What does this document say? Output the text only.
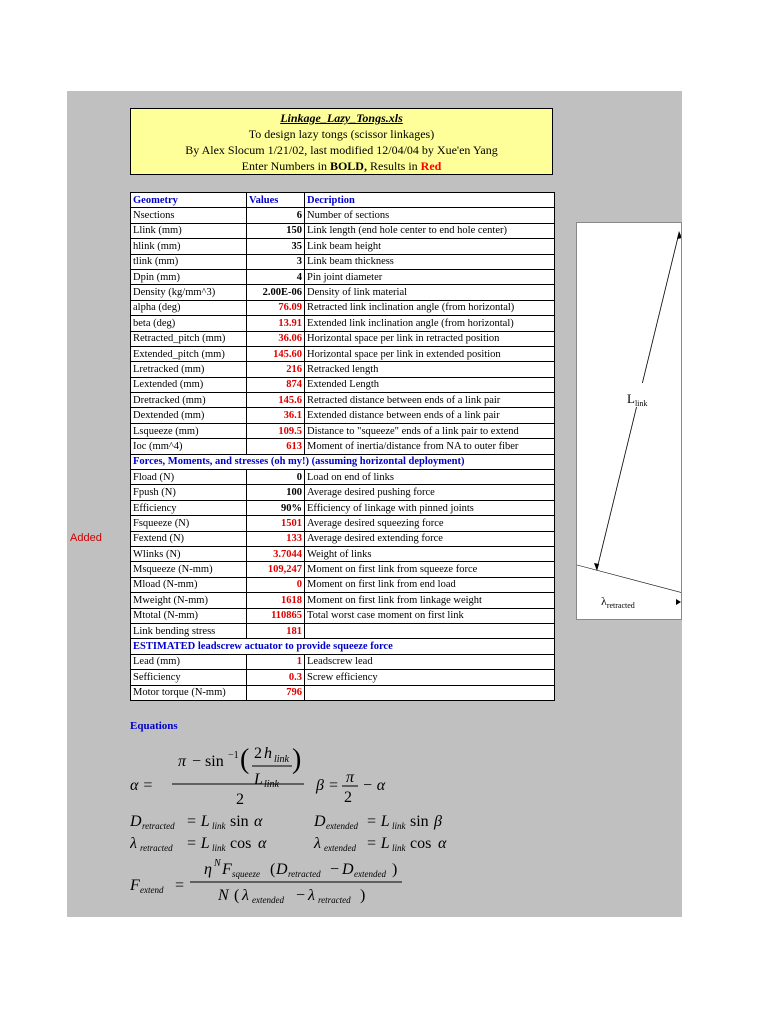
Added
Linkage_Lazy_Tongs.xls
To design lazy tongs (scissor linkages)
By Alex Slocum 1/21/02, last modified 12/04/04 by Xue'en Yang
Enter Numbers in BOLD, Results in Red
Geometry	Values	Decription
Nsections	6	Number of sections
Llink (mm)	150	Link length (end hole center to end hole center)
hlink (mm)	35	Link beam height
tlink (mm)	3	Link beam thickness
Dpin (mm)	4	Pin joint diameter
Density (kg/mm^3)	2.00E-06	Density of link material
alpha (deg)	76.09	Retracted link inclination angle (from horizontal)
beta (deg)	13.91	Extended link inclination angle (from horizontal)
Retracted_pitch (mm)	36.06	Horizontal space per link in retracted position
Extended_pitch (mm)	145.60	Horizontal space per link in extended position
Lretracked (mm)	216	Retracked length
Lextended (mm)	874	Extended Length
Dretracked (mm)	145.6	Retracted distance between ends of a link pair
Dextended (mm)	36.1	Extended distance between ends of a link pair
Lsqueeze (mm)	109.5	Distance to "squeeze" ends of a link pair to extend
Ioc (mm^4)	613	Moment of inertia/distance from NA to outer fiber
Forces, Moments, and stresses (oh my!) (assuming horizontal deployment)		
Fload (N)	0	Load on end of links
Fpush (N)	100	Average desired pushing force
Efficiency	90%	Efficiency of linkage with pinned joints
Fsqueeze (N)	1501	Average desired squeezing force
Fextend (N)	133	Average desired extending force
Wlinks (N)	3.7044	Weight of links
Msqueeze (N-mm)	109,247	Moment on first link from squeeze force
Mload (N-mm)	0	Moment on first link from end load
Mweight (N-mm)	1618	Moment on first link from linkage weight
Mtotal (N-mm)	110865	Total worst case moment on first link
Link bending stress	181	
ESTIMATED leadscrew actuator to provide squeeze force		
Lead (mm)	1	Leadscrew lead
Sefficiency	0.3	Screw efficiency
Motor torque (N-mm)	796	
$L_{link}$
$\lambda_{retracted}$
Equations
α =
π − sin −1 ( 2 h link
L link
)
2
β = π
2
− α
D retracted = L link sin α	D extended = L link sin β
λ retracted = L link cos α	λ extended = L link cos α
F extend =
η N F squeeze ( D retracted − D extended )
N ( λ extended − λ retracted )
